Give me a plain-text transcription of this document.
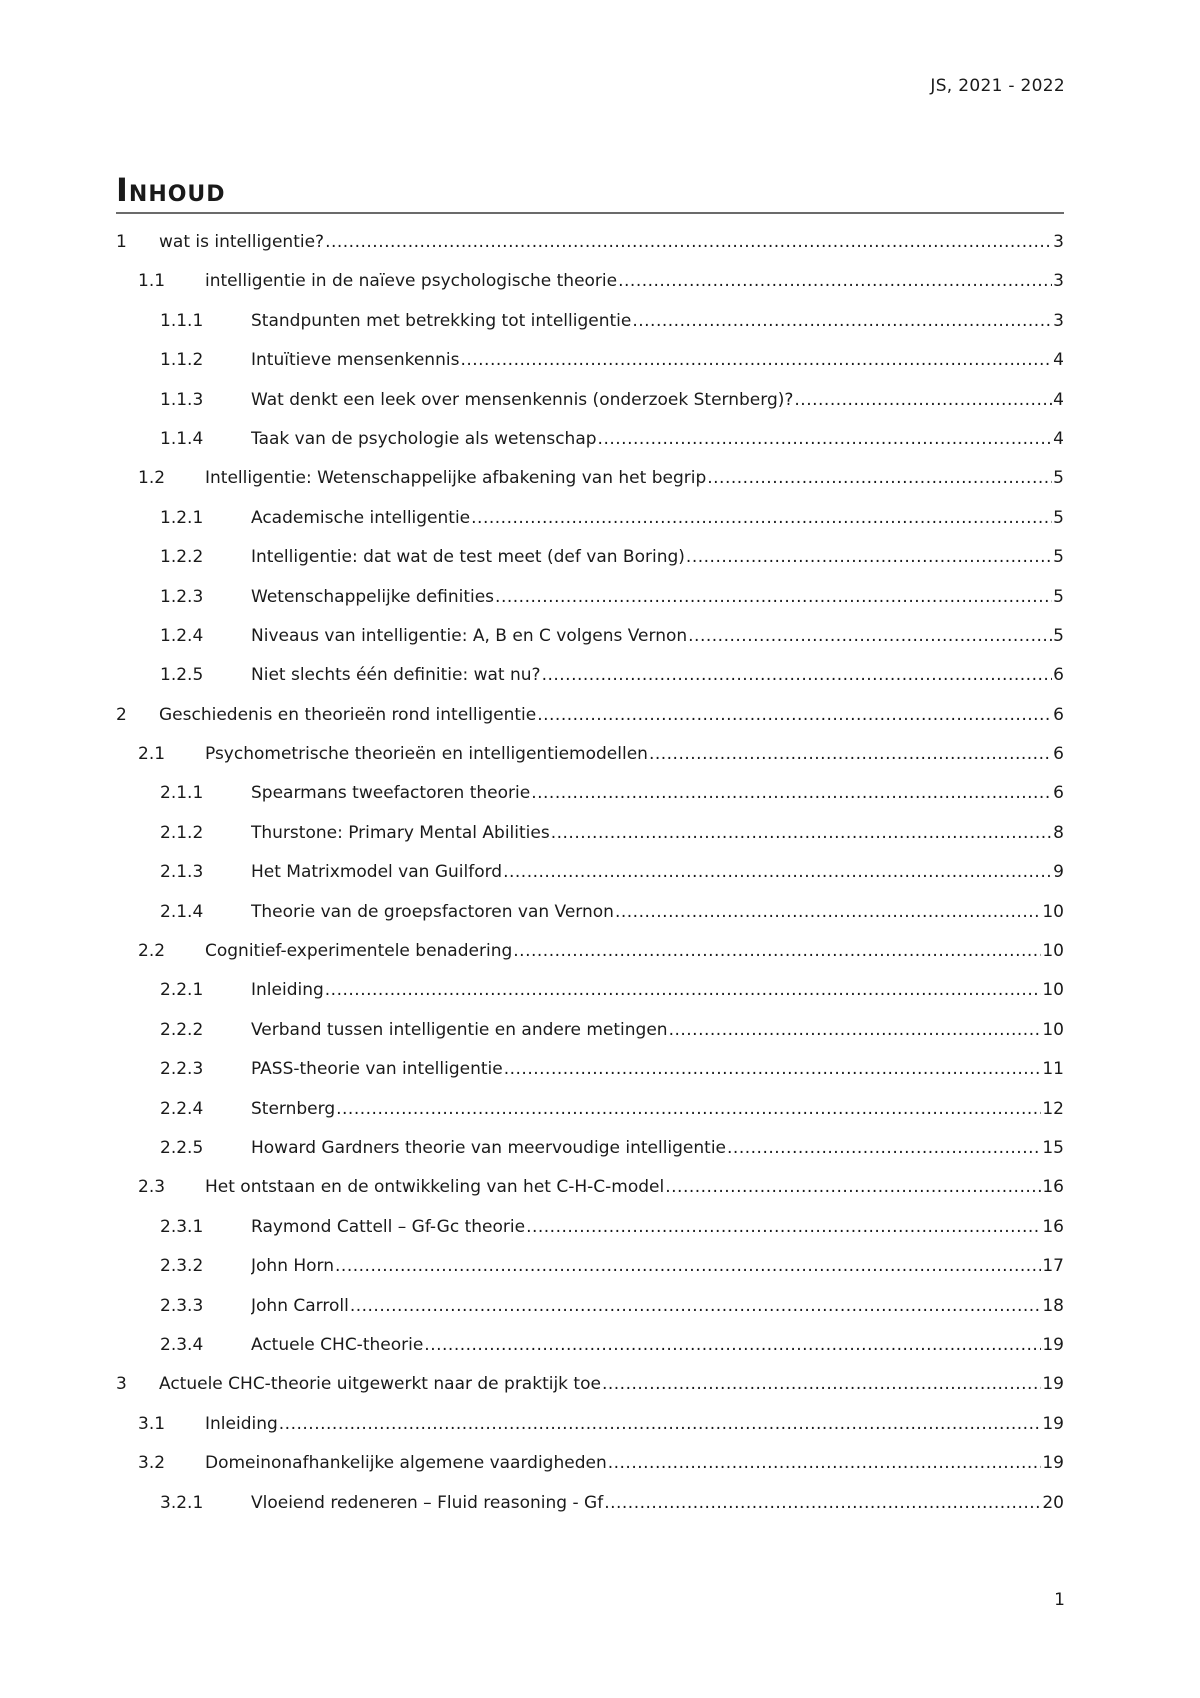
JS, 2021 - 2022
Inhoud
1 wat is intelligentie? .....	3
1.1 intelligentie in de naïeve psychologische theorie .....	3
1.1.1	Standpunten met betrekking tot intelligentie .....	3
1.1.2	Intuïtieve mensenkennis .....	4
1.1.3	Wat denkt een leek over mensenkennis (onderzoek Sternberg)? .....	4
1.1.4	Taak van de psychologie als wetenschap .....	4
1.2 Intelligentie: Wetenschappelijke afbakening van het begrip .....	5
1.2.1	Academische intelligentie .....	5
1.2.2	Intelligentie: dat wat de test meet (def van Boring) .....	5
1.2.3	Wetenschappelijke definities .....	5
1.2.4	Niveaus van intelligentie: A, B en C volgens Vernon .....	5
1.2.5	Niet slechts één definitie: wat nu? .....	6
2 Geschiedenis en theorieën rond intelligentie .....	6
2.1 Psychometrische theorieën en intelligentiemodellen .....	6
2.1.1	Spearmans tweefactoren theorie .....	6
2.1.2	Thurstone: Primary Mental Abilities .....	8
2.1.3	Het Matrixmodel van Guilford .....	9
2.1.4	Theorie van de groepsfactoren van Vernon .....	10
2.2 Cognitief-experimentele benadering .....	10
2.2.1	Inleiding .....	10
2.2.2	Verband tussen intelligentie en andere metingen .....	10
2.2.3	PASS-theorie van intelligentie .....	11
2.2.4	Sternberg .....	12
2.2.5	Howard Gardners theorie van meervoudige intelligentie .....	15
2.3 Het ontstaan en de ontwikkeling van het C-H-C-model .....	16
2.3.1	Raymond Cattell – Gf-Gc theorie .....	16
2.3.2	John Horn .....	17
2.3.3	John Carroll .....	18
2.3.4	Actuele CHC-theorie .....	19
3 Actuele CHC-theorie uitgewerkt naar de praktijk toe .....	19
3.1 Inleiding .....	19
3.2 Domeinonafhankelijke algemene vaardigheden .....	19
3.2.1	Vloeiend redeneren – Fluid reasoning - Gf .....	20
1
